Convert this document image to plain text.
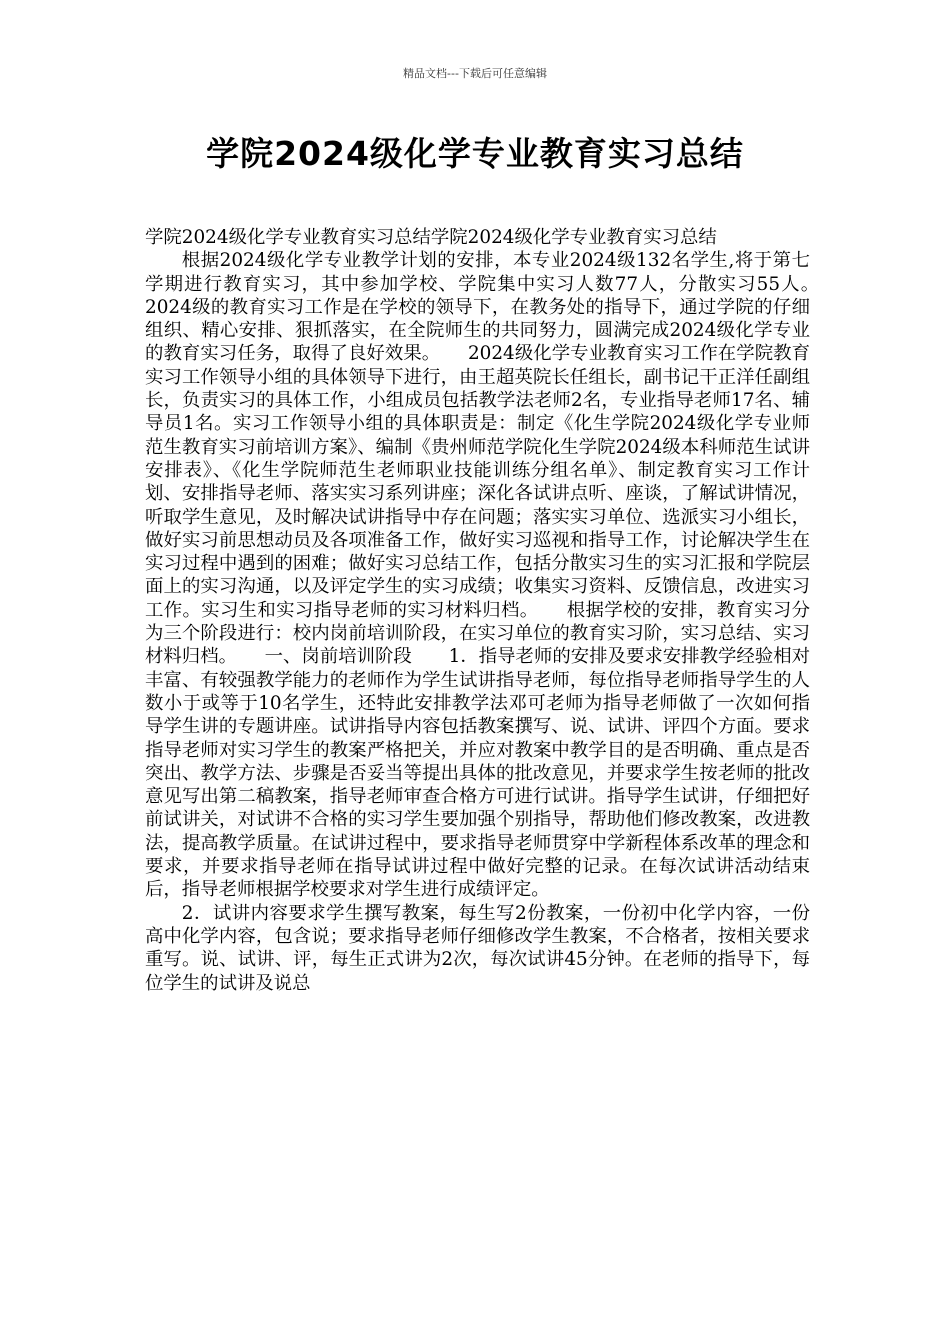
精品文档---下载后可任意编辑
学院2024级化学专业教育实习总结

学院2024级化学专业教育实习总结学院2024级化学专业教育实习总结

根据2024级化学专业教学计划的安排，本专业2024级132名学生,将于第七学期进行教育实习，其中参加学校、学院集中实习人数77人，分散实习55人。　　2024级的教育实习工作是在学校的领导下，在教务处的指导下，通过学院的仔细组织、精心安排、狠抓落实，在全院师生的共同努力，圆满完成2024级化学专业的教育实习任务，取得了良好效果。　　2024级化学专业教育实习工作在学院教育实习工作领导小组的具体领导下进行，由王超英院长任组长，副书记干正洋任副组长，负责实习的具体工作，小组成员包括教学法老师2名，专业指导老师17名、辅导员1名。实习工作领导小组的具体职责是：制定《化生学院2024级化学专业师范生教育实习前培训方案》、编制《贵州师范学院化生学院2024级本科师范生试讲安排表》、《化生学院师范生老师职业技能训练分组名单》、制定教育实习工作计划、安排指导老师、落实实习系列讲座；深化各试讲点听、座谈，了解试讲情况，听取学生意见，及时解决试讲指导中存在问题；落实实习单位、选派实习小组长，做好实习前思想动员及各项准备工作，做好实习巡视和指导工作，讨论解决学生在实习过程中遇到的困难；做好实习总结工作，包括分散实习生的实习汇报和学院层面上的实习沟通，以及评定学生的实习成绩；收集实习资料、反馈信息，改进实习工作。实习生和实习指导老师的实习材料归档。　　根据学校的安排，教育实习分为三个阶段进行：校内岗前培训阶段，在实习单位的教育实习阶，实习总结、实习材料归档。　　一、岗前培训阶段　　1．指导老师的安排及要求安排教学经验相对丰富、有较强教学能力的老师作为学生试讲指导老师，每位指导老师指导学生的人数小于或等于10名学生，还特此安排教学法邓可老师为指导老师做了一次如何指导学生讲的专题讲座。试讲指导内容包括教案撰写、说、试讲、评四个方面。要求指导老师对实习学生的教案严格把关，并应对教案中教学目的是否明确、重点是否突出、教学方法、步骤是否妥当等提出具体的批改意见，并要求学生按老师的批改意见写出第二稿教案，指导老师审查合格方可进行试讲。指导学生试讲，仔细把好前试讲关，对试讲不合格的实习学生要加强个别指导，帮助他们修改教案，改进教法，提高教学质量。在试讲过程中，要求指导老师贯穿中学新程体系改革的理念和要求，并要求指导老师在指导试讲过程中做好完整的记录。在每次试讲活动结束后，指导老师根据学校要求对学生进行成绩评定。

2．试讲内容要求学生撰写教案，每生写2份教案，一份初中化学内容，一份高中化学内容，包含说；要求指导老师仔细修改学生教案，不合格者，按相关要求重写。说、试讲、评，每生正式讲为2次，每次试讲45分钟。在老师的指导下，每位学生的试讲及说总
